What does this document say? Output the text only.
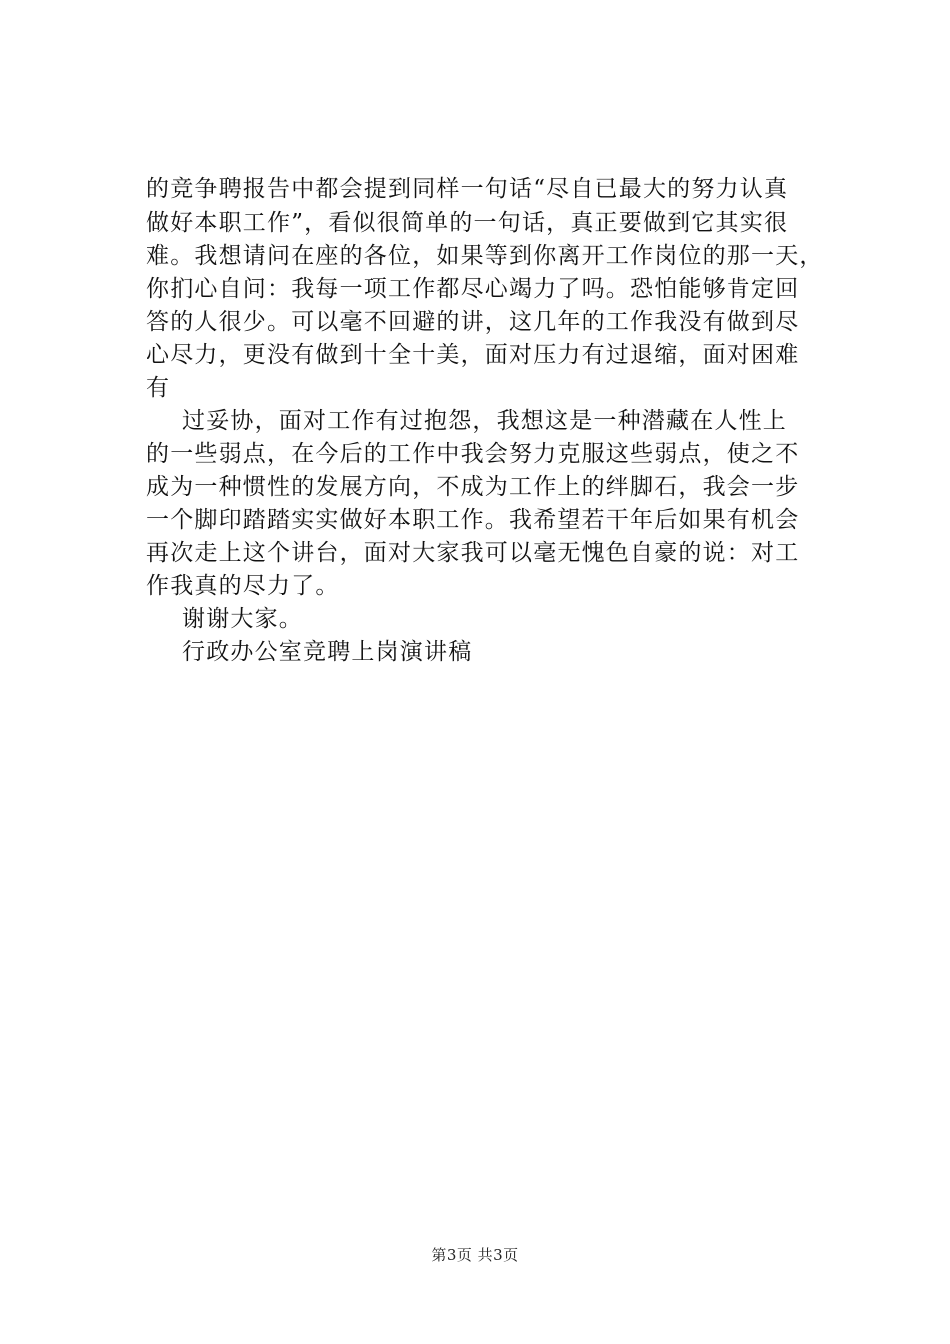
的竞争聘报告中都会提到同样一句话“尽自已最大的努力认真
做好本职工作”，看似很简单的一句话，真正要做到它其实很
难。我想请问在座的各位，如果等到你离开工作岗位的那一天，
你扪心自问：我每一项工作都尽心竭力了吗。恐怕能够肯定回
答的人很少。可以毫不回避的讲，这几年的工作我没有做到尽
心尽力，更没有做到十全十美，面对压力有过退缩，面对困难
有
过妥协，面对工作有过抱怨，我想这是一种潜藏在人性上
的一些弱点，在今后的工作中我会努力克服这些弱点，使之不
成为一种惯性的发展方向，不成为工作上的绊脚石，我会一步
一个脚印踏踏实实做好本职工作。我希望若干年后如果有机会
再次走上这个讲台，面对大家我可以毫无愧色自豪的说：对工
作我真的尽力了。
谢谢大家。
行政办公室竞聘上岗演讲稿
第3页 共3页
